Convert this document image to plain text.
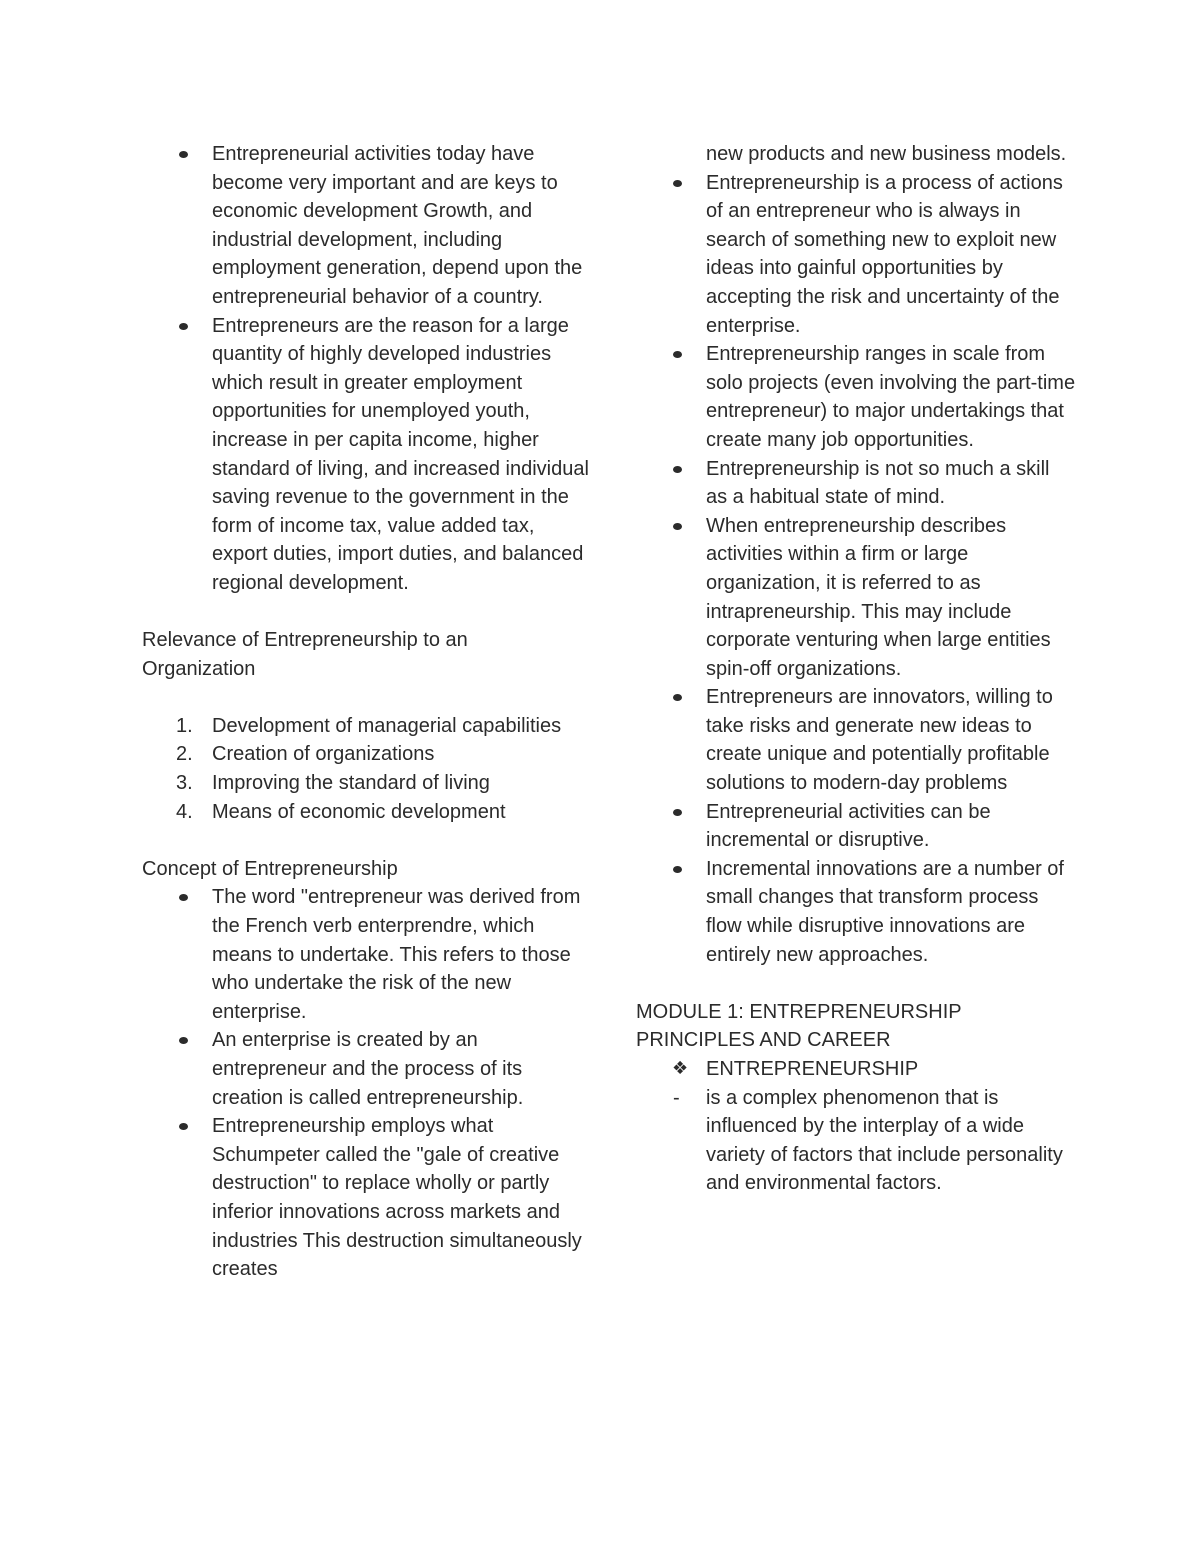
Entrepreneurial activities today have become very important and are keys to economic development Growth, and industrial development, including employment generation, depend upon the entrepreneurial behavior of a country.
Entrepreneurs are the reason for a large quantity of highly developed industries which result in greater employment opportunities for unemployed youth, increase in per capita income, higher standard of living, and increased individual saving revenue to the government in the form of income tax, value added tax, export duties, import duties, and balanced regional development.

Relevance of Entrepreneurship to an Organization

1. Development of managerial capabilities
2. Creation of organizations
3. Improving the standard of living
4. Means of economic development

Concept of Entrepreneurship

The word "entrepreneur was derived from the French verb enterprendre, which means to undertake. This refers to those who undertake the risk of the new enterprise.
An enterprise is created by an entrepreneur and the process of its creation is called entrepreneurship.
Entrepreneurship employs what Schumpeter called the "gale of creative destruction" to replace wholly or partly inferior innovations across markets and industries This destruction simultaneously creates

new products and new business models.

Entrepreneurship is a process of actions of an entrepreneur who is always in search of something new to exploit new ideas into gainful opportunities by accepting the risk and uncertainty of the enterprise.
Entrepreneurship ranges in scale from solo projects (even involving the part-time entrepreneur) to major undertakings that create many job opportunities.
Entrepreneurship is not so much a skill as a habitual state of mind.
When entrepreneurship describes activities within a firm or large organization, it is referred to as intrapreneurship. This may include corporate venturing when large entities spin-off organizations.
Entrepreneurs are innovators, willing to take risks and generate new ideas to create unique and potentially profitable solutions to modern-day problems
Entrepreneurial activities can be incremental or disruptive.
Incremental innovations are a number of small changes that transform process flow while disruptive innovations are entirely new approaches.

MODULE 1: ENTREPRENEURSHIP PRINCIPLES AND CAREER

❖ ENTREPRENEURSHIP
- is a complex phenomenon that is influenced by the interplay of a wide variety of factors that include personality and environmental factors.
